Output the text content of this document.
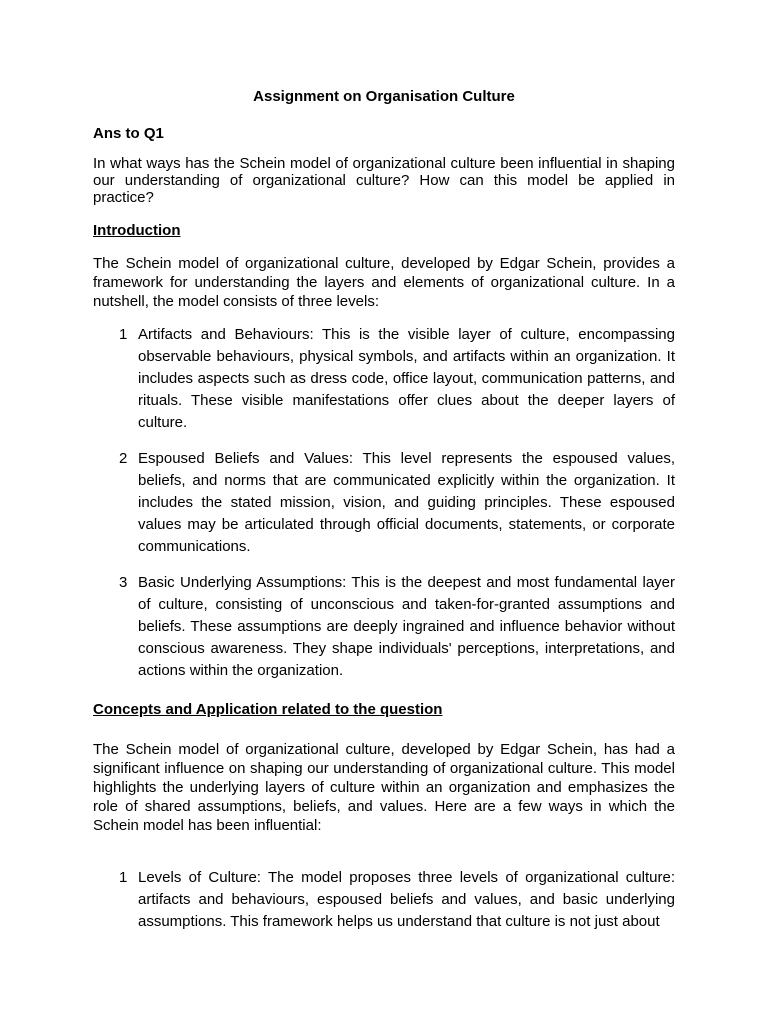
Assignment on Organisation Culture
Ans to Q1

In what ways has the Schein model of organizational culture been influential in shaping our understanding of organizational culture? How can this model be applied in practice?

Introduction

The Schein model of organizational culture, developed by Edgar Schein, provides a framework for understanding the layers and elements of organizational culture. In a nutshell, the model consists of three levels:

1 Artifacts and Behaviours: This is the visible layer of culture, encompassing observable behaviours, physical symbols, and artifacts within an organization. It includes aspects such as dress code, office layout, communication patterns, and rituals. These visible manifestations offer clues about the deeper layers of culture.
2 Espoused Beliefs and Values: This level represents the espoused values, beliefs, and norms that are communicated explicitly within the organization. It includes the stated mission, vision, and guiding principles. These espoused values may be articulated through official documents, statements, or corporate communications.
3 Basic Underlying Assumptions: This is the deepest and most fundamental layer of culture, consisting of unconscious and taken-for-granted assumptions and beliefs. These assumptions are deeply ingrained and influence behavior without conscious awareness. They shape individuals' perceptions, interpretations, and actions within the organization.
Concepts and Application related to the question

The Schein model of organizational culture, developed by Edgar Schein, has had a significant influence on shaping our understanding of organizational culture. This model highlights the underlying layers of culture within an organization and emphasizes the role of shared assumptions, beliefs, and values. Here are a few ways in which the Schein model has been influential:

1 Levels of Culture: The model proposes three levels of organizational culture: artifacts and behaviours, espoused beliefs and values, and basic underlying assumptions. This framework helps us understand that culture is not just about
